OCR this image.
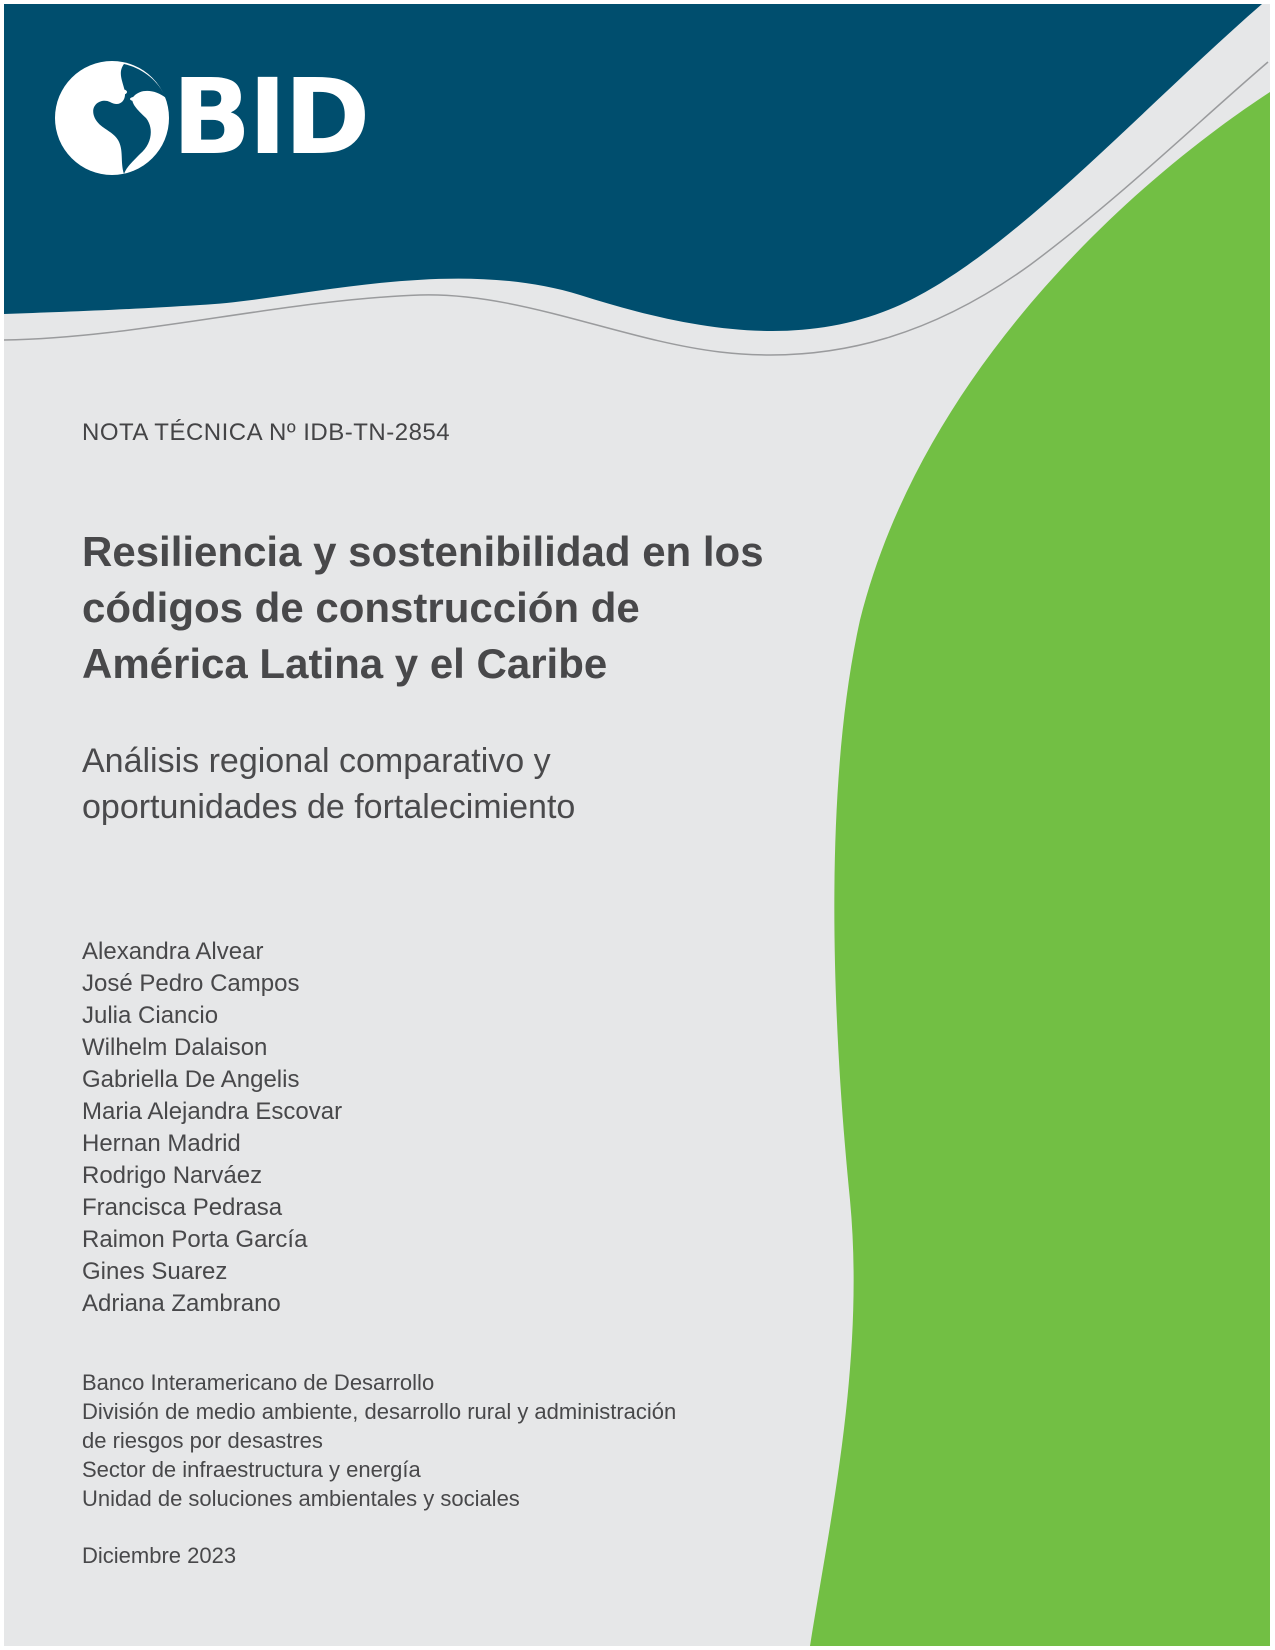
BID
NOTA TÉCNICA Nº IDB-TN-2854
Resiliencia y sostenibilidad en los
códigos de construcción de
América Latina y el Caribe
Análisis regional comparativo y
oportunidades de fortalecimiento
Alexandra Alvear
José Pedro Campos
Julia Ciancio
Wilhelm Dalaison
Gabriella De Angelis
Maria Alejandra Escovar
Hernan Madrid
Rodrigo Narváez
Francisca Pedrasa
Raimon Porta García
Gines Suarez
Adriana Zambrano
Banco Interamericano de Desarrollo
División de medio ambiente, desarrollo rural y administración
de riesgos por desastres
Sector de infraestructura y energía
Unidad de soluciones ambientales y sociales
Diciembre 2023
